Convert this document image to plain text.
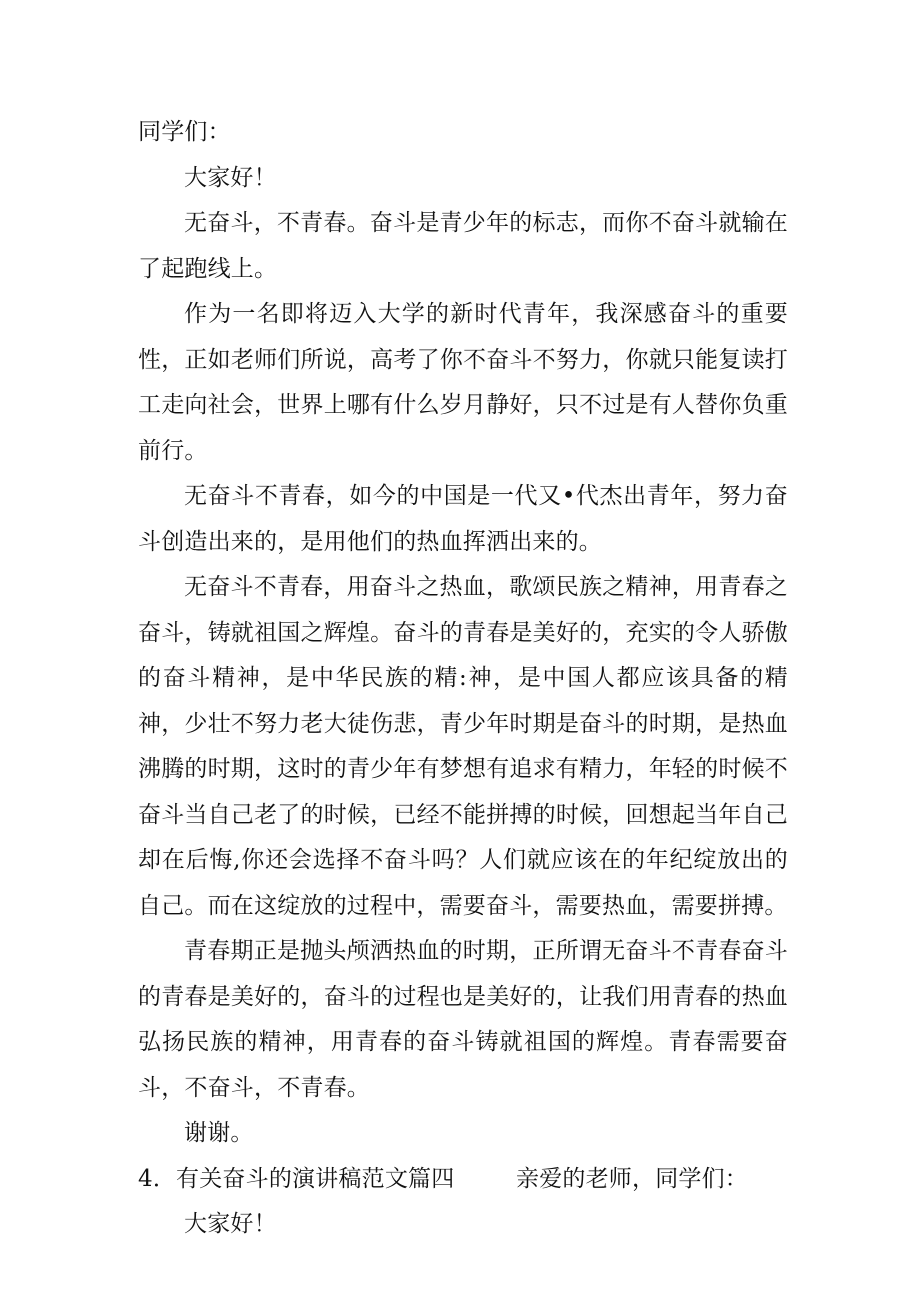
同学们：

大家好！

无奋斗，不青春。奋斗是青少年的标志，而你不奋斗就输在了起跑线上。

作为一名即将迈入大学的新时代青年，我深感奋斗的重要性，正如老师们所说，高考了你不奋斗不努力，你就只能复读打工走向社会，世界上哪有什么岁月静好，只不过是有人替你负重前行。

无奋斗不青春，如今的中国是一代又•代杰出青年，努力奋斗创造出来的，是用他们的热血挥洒出来的。

无奋斗不青春，用奋斗之热血，歌颂民族之精神，用青春之奋斗，铸就祖国之辉煌。奋斗的青春是美好的，充实的令人骄傲的奋斗精神，是中华民族的精:神，是中国人都应该具备的精神，少壮不努力老大徒伤悲，青少年时期是奋斗的时期，是热血沸腾的时期，这时的青少年有梦想有追求有精力，年轻的时候不奋斗当自己老了的时候，已经不能拼搏的时候，回想起当年自己却在后悔,你还会选择不奋斗吗？人们就应该在的年纪绽放出的自己。而在这绽放的过程中，需要奋斗，需要热血，需要拼搏。

青春期正是抛头颅洒热血的时期，正所谓无奋斗不青春奋斗的青春是美好的，奋斗的过程也是美好的，让我们用青春的热血弘扬民族的精神，用青春的奋斗铸就祖国的辉煌。青春需要奋斗，不奋斗，不青春。

谢谢。

4．有关奋斗的演讲稿范文篇四	亲爱的老师，同学们：

大家好！
